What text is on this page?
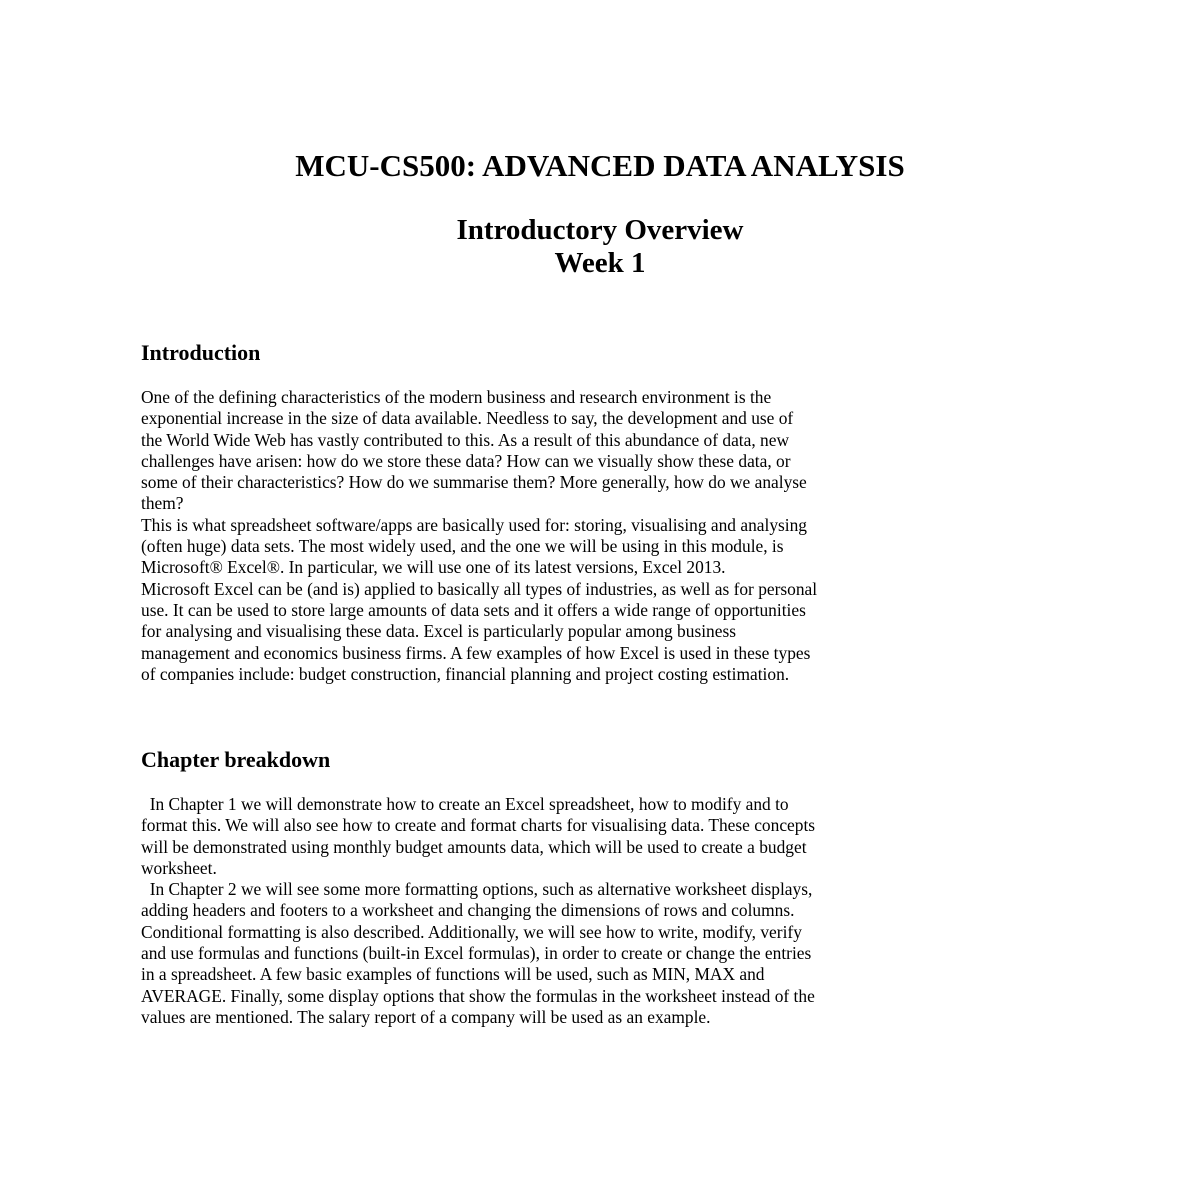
MCU-CS500: ADVANCED DATA ANALYSIS
Introductory Overview
Week 1
Introduction
One of the defining characteristics of the modern business and research environment is the
exponential increase in the size of data available. Needless to say, the development and use of
the World Wide Web has vastly contributed to this. As a result of this abundance of data, new
challenges have arisen: how do we store these data? How can we visually show these data, or
some of their characteristics? How do we summarise them? More generally, how do we analyse
them?
This is what spreadsheet software/apps are basically used for: storing, visualising and analysing
(often huge) data sets. The most widely used, and the one we will be using in this module, is
Microsoft® Excel®. In particular, we will use one of its latest versions, Excel 2013.
Microsoft Excel can be (and is) applied to basically all types of industries, as well as for personal
use. It can be used to store large amounts of data sets and it offers a wide range of opportunities
for analysing and visualising these data. Excel is particularly popular among business
management and economics business firms. A few examples of how Excel is used in these types
of companies include: budget construction, financial planning and project costing estimation.
Chapter breakdown
In Chapter 1 we will demonstrate how to create an Excel spreadsheet, how to modify and to
format this. We will also see how to create and format charts for visualising data. These concepts
will be demonstrated using monthly budget amounts data, which will be used to create a budget
worksheet.
In Chapter 2 we will see some more formatting options, such as alternative worksheet displays,
adding headers and footers to a worksheet and changing the dimensions of rows and columns.
Conditional formatting is also described. Additionally, we will see how to write, modify, verify
and use formulas and functions (built-in Excel formulas), in order to create or change the entries
in a spreadsheet. A few basic examples of functions will be used, such as MIN, MAX and
AVERAGE. Finally, some display options that show the formulas in the worksheet instead of the
values are mentioned. The salary report of a company will be used as an example.
